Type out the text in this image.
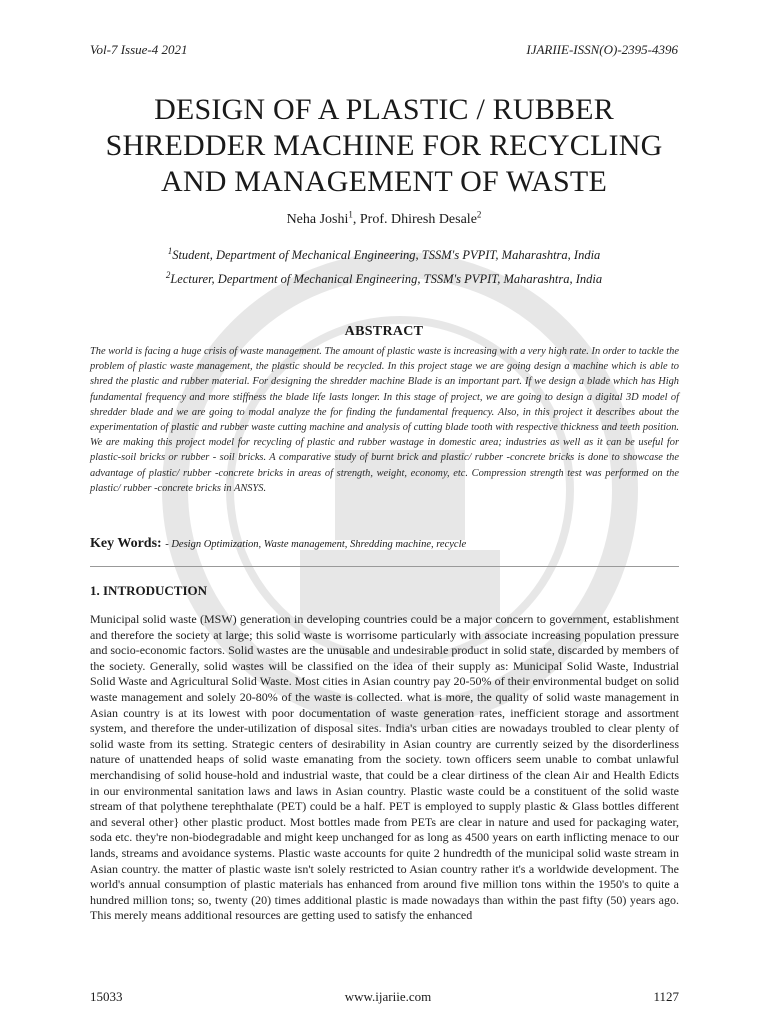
Vol-7 Issue-4 2021	IJARIIE-ISSN(O)-2395-4396
DESIGN OF A PLASTIC / RUBBER
SHREDDER MACHINE FOR RECYCLING
AND MANAGEMENT OF WASTE
Neha Joshi$^1$, Prof. Dhiresh Desale$^2$
$^1$Student, Department of Mechanical Engineering, TSSM's PVPIT, Maharashtra, India
$^2$Lecturer, Department of Mechanical Engineering, TSSM's PVPIT, Maharashtra, India
ABSTRACT
The world is facing a huge crisis of waste management. The amount of plastic waste is increasing with a very high rate. In order to tackle the problem of plastic waste management, the plastic should be recycled. In this project stage we are going design a machine which is able to shred the plastic and rubber material. For designing the shredder machine Blade is an important part. If we design a blade which has High fundamental frequency and more stiffness the blade life lasts longer. In this stage of project, we are going to design a digital 3D model of shredder blade and we are going to modal analyze the for finding the fundamental frequency. Also, in this project it describes about the experimentation of plastic and rubber waste cutting machine and analysis of cutting blade tooth with respective thickness and teeth position. We are making this project model for recycling of plastic and rubber wastage in domestic area; industries as well as it can be useful for plastic-soil bricks or rubber - soil bricks. A comparative study of burnt brick and plastic/ rubber -concrete bricks is done to showcase the advantage of plastic/ rubber -concrete bricks in areas of strength, weight, economy, etc. Compression strength test was performed on the plastic/ rubber -concrete bricks in ANSYS.
Key Words: - Design Optimization, Waste management, Shredding machine, recycle
1. INTRODUCTION
Municipal solid waste (MSW) generation in developing countries could be a major concern to government, establishment and therefore the society at large; this solid waste is worrisome particularly with associate increasing population pressure and socio-economic factors. Solid wastes are the unusable and undesirable product in solid state, discarded by members of the society. Generally, solid wastes will be classified on the idea of their supply as: Municipal Solid Waste, Industrial Solid Waste and Agricultural Solid Waste. Most cities in Asian country pay 20-50% of their environmental budget on solid waste management and solely 20-80% of the waste is collected. what is more, the quality of solid waste management in Asian country is at its lowest with poor documentation of waste generation rates, inefficient storage and assortment system, and therefore the under-utilization of disposal sites. India's urban cities are nowadays troubled to clear plenty of solid waste from its setting. Strategic centers of desirability in Asian country are currently seized by the disorderliness nature of unattended heaps of solid waste emanating from the society. town officers seem unable to combat unlawful merchandising of solid house-hold and industrial waste, that could be a clear dirtiness of the clean Air and Health Edicts in our environmental sanitation laws and laws in Asian country. Plastic waste could be a constituent of the solid waste stream of that polythene terephthalate (PET) could be a half. PET is employed to supply plastic & Glass bottles different and several other} other plastic product. Most bottles made from PETs are clear in nature and used for packaging water, soda etc. they're non-biodegradable and might keep unchanged for as long as 4500 years on earth inflicting menace to our lands, streams and avoidance systems. Plastic waste accounts for quite 2 hundredth of the municipal solid waste stream in Asian country. the matter of plastic waste isn't solely restricted to Asian country rather it's a worldwide development. The world's annual consumption of plastic materials has enhanced from around five million tons within the 1950's to quite a hundred million tons; so, twenty (20) times additional plastic is made nowadays than within the past fifty (50) years ago. This merely means additional resources are getting used to satisfy the enhanced
15033	www.ijariie.com	1127
